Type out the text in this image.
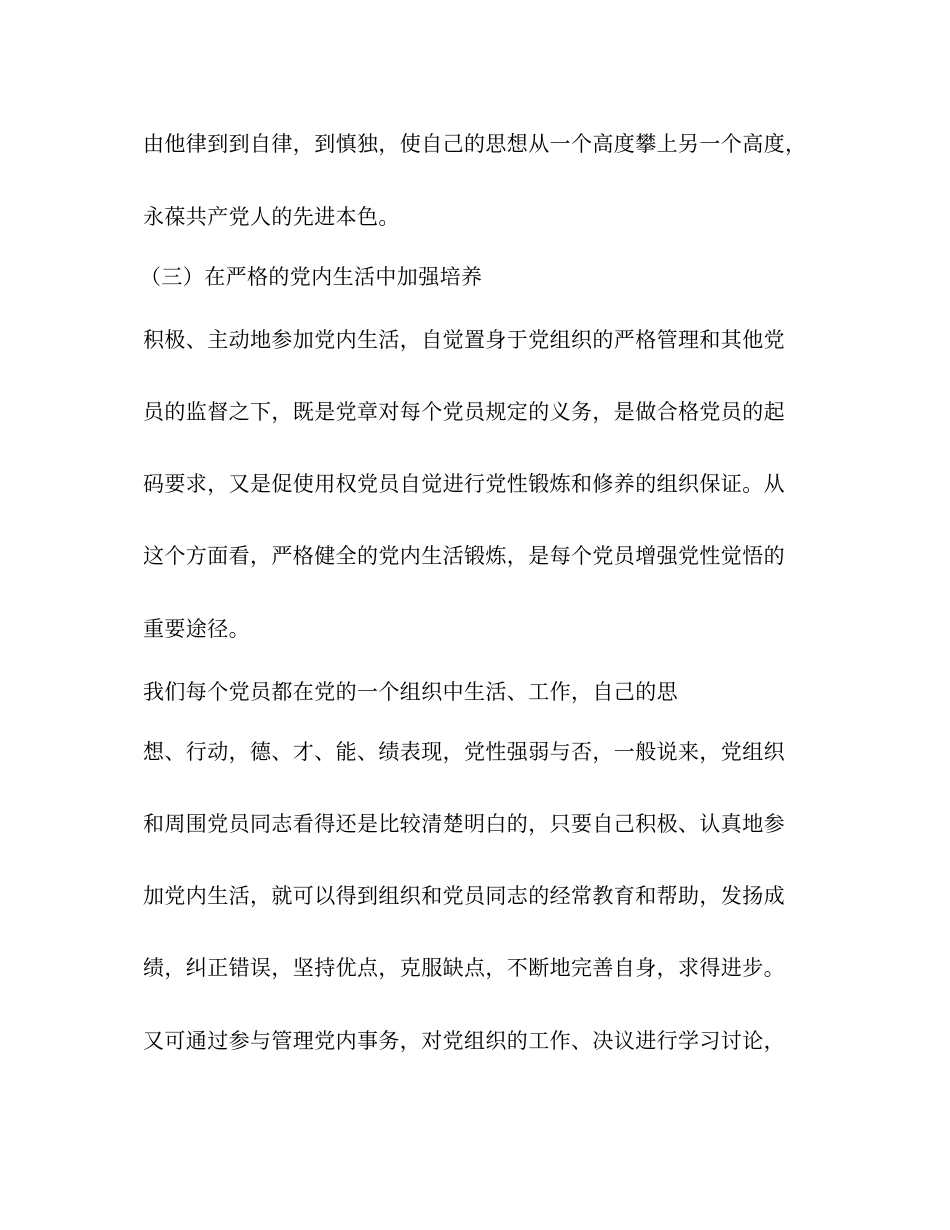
由他律到到自律，到慎独，使自己的思想从一个高度攀上另一个高度，
永葆共产党人的先进本色。
（三）在严格的党内生活中加强培养
积极、主动地参加党内生活，自觉置身于党组织的严格管理和其他党
员的监督之下，既是党章对每个党员规定的义务，是做合格党员的起
码要求，又是促使用权党员自觉进行党性锻炼和修养的组织保证。从
这个方面看，严格健全的党内生活锻炼，是每个党员增强党性觉悟的
重要途径。
我们每个党员都在党的一个组织中生活、工作，自己的思
想、行动，德、才、能、绩表现，党性强弱与否，一般说来，党组织
和周围党员同志看得还是比较清楚明白的，只要自己积极、认真地参
加党内生活，就可以得到组织和党员同志的经常教育和帮助，发扬成
绩，纠正错误，坚持优点，克服缺点，不断地完善自身，求得进步。
又可通过参与管理党内事务，对党组织的工作、决议进行学习讨论，
